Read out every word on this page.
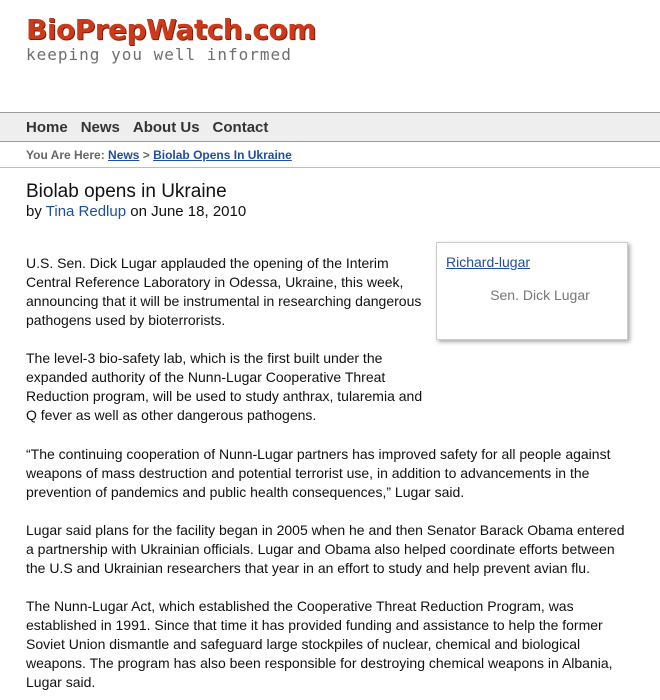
BioPrepWatch.com
keeping you well informed
Home News About Us Contact
You Are Here: News > Biolab Opens In Ukraine
Biolab opens in Ukraine
by Tina Redlup on June 18, 2010
Richard-lugar
Sen. Dick Lugar

U.S. Sen. Dick Lugar applauded the opening of the Interim Central Reference Laboratory in Odessa, Ukraine, this week, announcing that it will be instrumental in researching dangerous pathogens used by bioterrorists.

The level-3 bio-safety lab, which is the first built under the expanded authority of the Nunn-Lugar Cooperative Threat Reduction program, will be used to study anthrax, tularemia and Q fever as well as other dangerous pathogens.

“The continuing cooperation of Nunn-Lugar partners has improved safety for all people against weapons of mass destruction and potential terrorist use, in addition to advancements in the prevention of pandemics and public health consequences,” Lugar said.

Lugar said plans for the facility began in 2005 when he and then Senator Barack Obama entered a partnership with Ukrainian officials. Lugar and Obama also helped coordinate efforts between the U.S and Ukrainian researchers that year in an effort to study and help prevent avian flu.

The Nunn-Lugar Act, which established the Cooperative Threat Reduction Program, was established in 1991. Since that time it has provided funding and assistance to help the former Soviet Union dismantle and safeguard large stockpiles of nuclear, chemical and biological weapons. The program has also been responsible for destroying chemical weapons in Albania, Lugar said.
